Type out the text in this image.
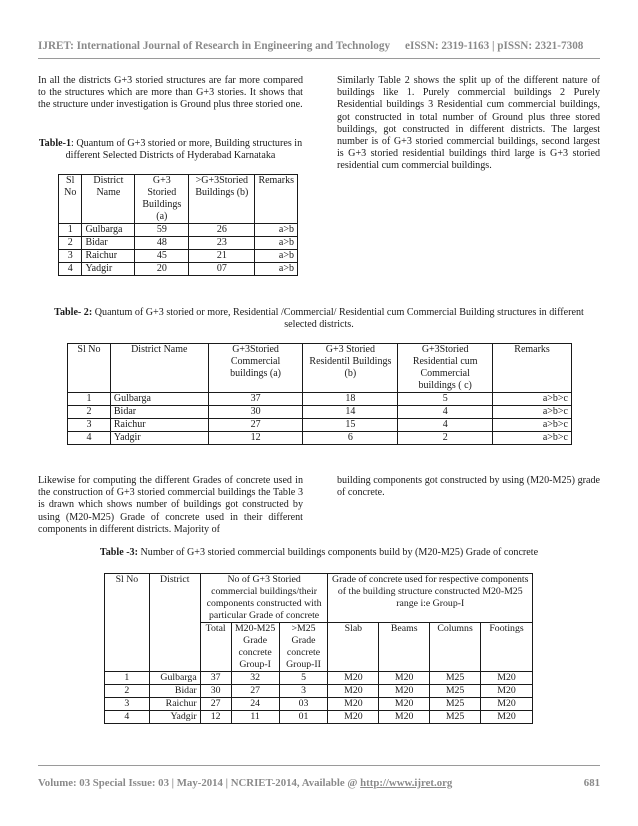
IJRET: International Journal of Research in Engineering and Technology eISSN: 2319-1163 | pISSN: 2321-7308
In all the districts G+3 storied structures are far more compared to the structures which are more than G+3 stories. It shows that the structure under investigation is Ground plus three storied one.
Similarly Table 2 shows the split up of the different nature of buildings like 1. Purely commercial buildings 2 Purely Residential buildings 3 Residential cum commercial buildings, got constructed in total number of Ground plus three stored buildings, got constructed in different districts. The largest number is of G+3 storied commercial buildings, second largest is G+3 storied residential buildings third large is G+3 storied residential cum commercial buildings.
Table-1: Quantum of G+3 storied or more, Building structures in different Selected Districts of Hyderabad Karnataka
Sl No	District Name	G+3 Storied Buildings (a)	>G+3Storied Buildings (b)	Remarks
1	Gulbarga	59	26	a>b
2	Bidar	48	23	a>b
3	Raichur	45	21	a>b
4	Yadgir	20	07	a>b
Table- 2: Quantum of G+3 storied or more, Residential /Commercial/ Residential cum Commercial Building structures in different selected districts.
Sl No	District Name	G+3Storied Commercial buildings (a)	G+3 Storied Residentil Buildings (b)	G+3Storied Residential cum Commercial buildings ( c)	Remarks
1	Gulbarga	37	18	5	a>b>c
2	Bidar	30	14	4	a>b>c
3	Raichur	27	15	4	a>b>c
4	Yadgir	12	6	2	a>b>c
Likewise for computing the different Grades of concrete used in the construction of G+3 storied commercial buildings the Table 3 is drawn which shows number of buildings got constructed by using (M20-M25) Grade of concrete used in their different components in different districts. Majority of
building components got constructed by using (M20-M25) grade of concrete.
Table -3: Number of G+3 storied commercial buildings components build by (M20-M25) Grade of concrete
Sl No	District	No of G+3 Storied commercial buildings/their components constructed with particular Grade of concrete			Grade of concrete used for respective components of the building structure constructed M20-M25 range i:e Group-I			
		Total	M20-M25 Grade concrete Group-I	>M25 Grade concrete Group-II	Slab	Beams	Columns	Footings
1	Gulbarga	37	32	5	M20	M20	M25	M20
2	Bidar	30	27	3	M20	M20	M25	M20
3	Raichur	27	24	03	M20	M20	M25	M20
4	Yadgir	12	11	01	M20	M20	M25	M20
Volume: 03 Special Issue: 03 | May-2014 | NCRIET-2014, Available @ http://www.ijret.org	681
